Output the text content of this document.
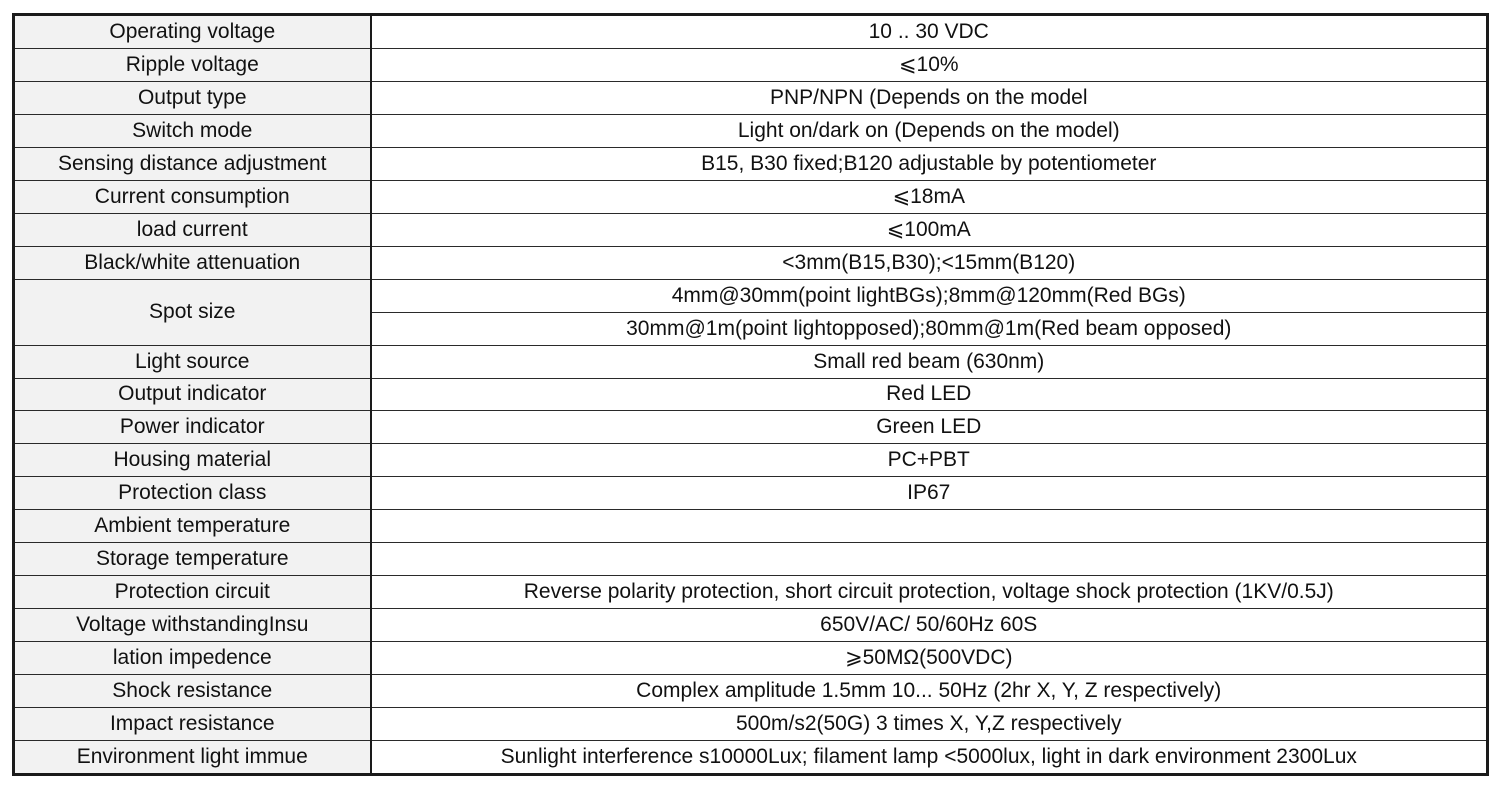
Operating voltage	10 .. 30 VDC
Ripple voltage	⩽10%
Output type	PNP/NPN (Depends on the model
Switch mode	Light on/dark on (Depends on the model)
Sensing distance adjustment	B15, B30 fixed;B120 adjustable by potentiometer
Current consumption	⩽18mA
load current	⩽100mA
Black/white attenuation	<3mm(B15,B30);<15mm(B120)
Spot size	4mm@30mm(point lightBGs);8mm@120mm(Red BGs)
	30mm@1m(point lightopposed);80mm@1m(Red beam opposed)
Light source	Small red beam (630nm)
Output indicator	Red LED
Power indicator	Green LED
Housing material	PC+PBT
Protection class	IP67
Ambient temperature	
Storage temperature	
Protection circuit	Reverse polarity protection, short circuit protection, voltage shock protection (1KV/0.5J)
Voltage withstandingInsu	650V/AC/ 50/60Hz 60S
lation impedence	⩾50MΩ(500VDC)
Shock resistance	Complex amplitude 1.5mm 10... 50Hz (2hr X, Y, Z respectively)
Impact resistance	500m/s2(50G) 3 times X, Y,Z respectively
Environment light immue	Sunlight interference s10000Lux; filament lamp <5000lux, light in dark environment 2300Lux
